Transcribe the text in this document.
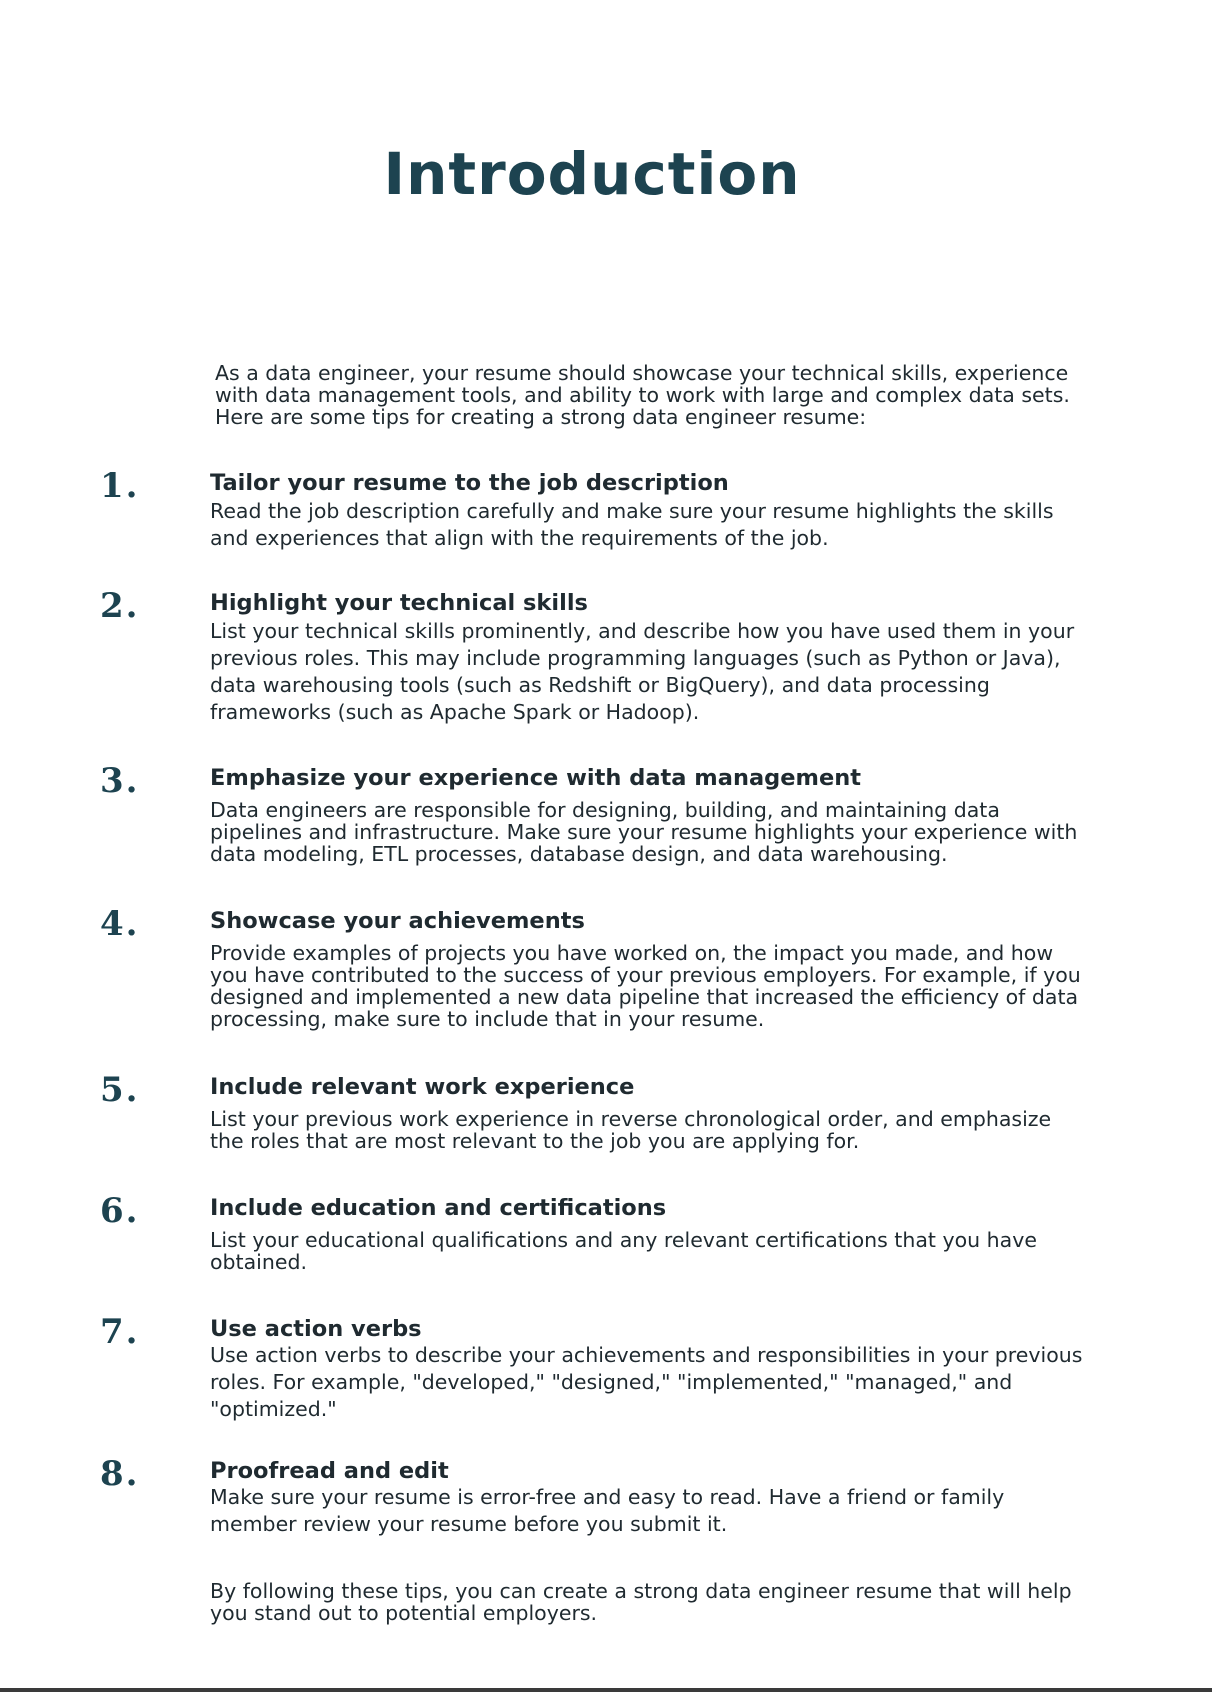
Introduction

As a data engineer, your resume should showcase your technical skills, experience with data management tools, and ability to work with large and complex data sets. Here are some tips for creating a strong data engineer resume:

1.	Tailor your resume to the job description

Read the job description carefully and make sure your resume highlights the skills and experiences that align with the requirements of the job.

2.	Highlight your technical skills

List your technical skills prominently, and describe how you have used them in your previous roles. This may include programming languages (such as Python or Java), data warehousing tools (such as Redshift or BigQuery), and data processing frameworks (such as Apache Spark or Hadoop).

3.	Emphasize your experience with data management

Data engineers are responsible for designing, building, and maintaining data pipelines and infrastructure. Make sure your resume highlights your experience with data modeling, ETL processes, database design, and data warehousing.

4.	Showcase your achievements

Provide examples of projects you have worked on, the impact you made, and how you have contributed to the success of your previous employers. For example, if you designed and implemented a new data pipeline that increased the efficiency of data processing, make sure to include that in your resume.

5.	Include relevant work experience

List your previous work experience in reverse chronological order, and emphasize the roles that are most relevant to the job you are applying for.

6.	Include education and certifications

List your educational qualifications and any relevant certifications that you have obtained.

7.	Use action verbs

Use action verbs to describe your achievements and responsibilities in your previous roles. For example, "developed," "designed," "implemented," "managed," and "optimized."

8.	Proofread and edit

Make sure your resume is error-free and easy to read. Have a friend or family member review your resume before you submit it.

By following these tips, you can create a strong data engineer resume that will help you stand out to potential employers.
